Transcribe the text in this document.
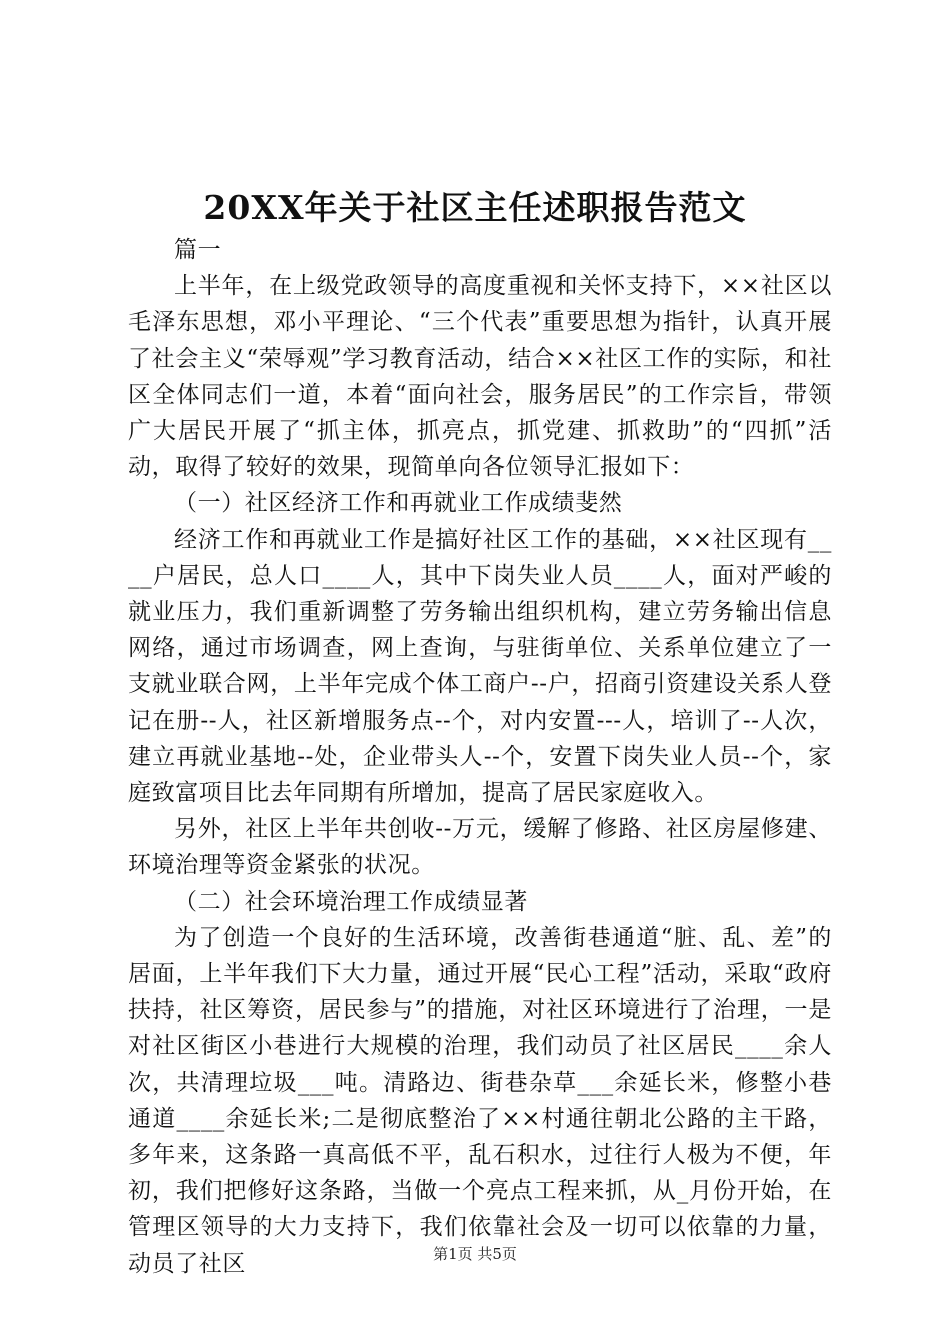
20XX年关于社区主任述职报告范文

篇一

上半年，在上级党政领导的高度重视和关怀支持下，××社区以毛泽东思想，邓小平理论、“三个代表”重要思想为指针，认真开展了社会主义“荣辱观”学习教育活动，结合××社区工作的实际，和社区全体同志们一道，本着“面向社会，服务居民”的工作宗旨，带领广大居民开展了“抓主体，抓亮点，抓党建、抓救助”的“四抓”活动，取得了较好的效果，现简单向各位领导汇报如下：

（一）社区经济工作和再就业工作成绩斐然

经济工作和再就业工作是搞好社区工作的基础，××社区现有____户居民，总人口____人，其中下岗失业人员____人，面对严峻的就业压力，我们重新调整了劳务输出组织机构，建立劳务输出信息网络，通过市场调查，网上查询，与驻街单位、关系单位建立了一支就业联合网，上半年完成个体工商户--户，招商引资建设关系人登记在册--人，社区新增服务点--个，对内安置---人，培训了--人次，建立再就业基地--处，企业带头人--个，安置下岗失业人员--个，家庭致富项目比去年同期有所增加，提高了居民家庭收入。

另外，社区上半年共创收--万元，缓解了修路、社区房屋修建、环境治理等资金紧张的状况。

（二）社会环境治理工作成绩显著

为了创造一个良好的生活环境，改善街巷通道“脏、乱、差”的居面，上半年我们下大力量，通过开展“民心工程”活动，采取“政府扶持，社区筹资，居民参与”的措施，对社区环境进行了治理，一是对社区街区小巷进行大规模的治理，我们动员了社区居民____余人次，共清理垃圾___吨。清路边、街巷杂草___余延长米，修整小巷通道____余延长米;二是彻底整治了××村通往朝北公路的主干路，多年来，这条路一真高低不平，乱石积水，过往行人极为不便，年初，我们把修好这条路，当做一个亮点工程来抓，从_月份开始，在管理区领导的大力支持下，我们依靠社会及一切可以依靠的力量，动员了社区	第1页 共5页
